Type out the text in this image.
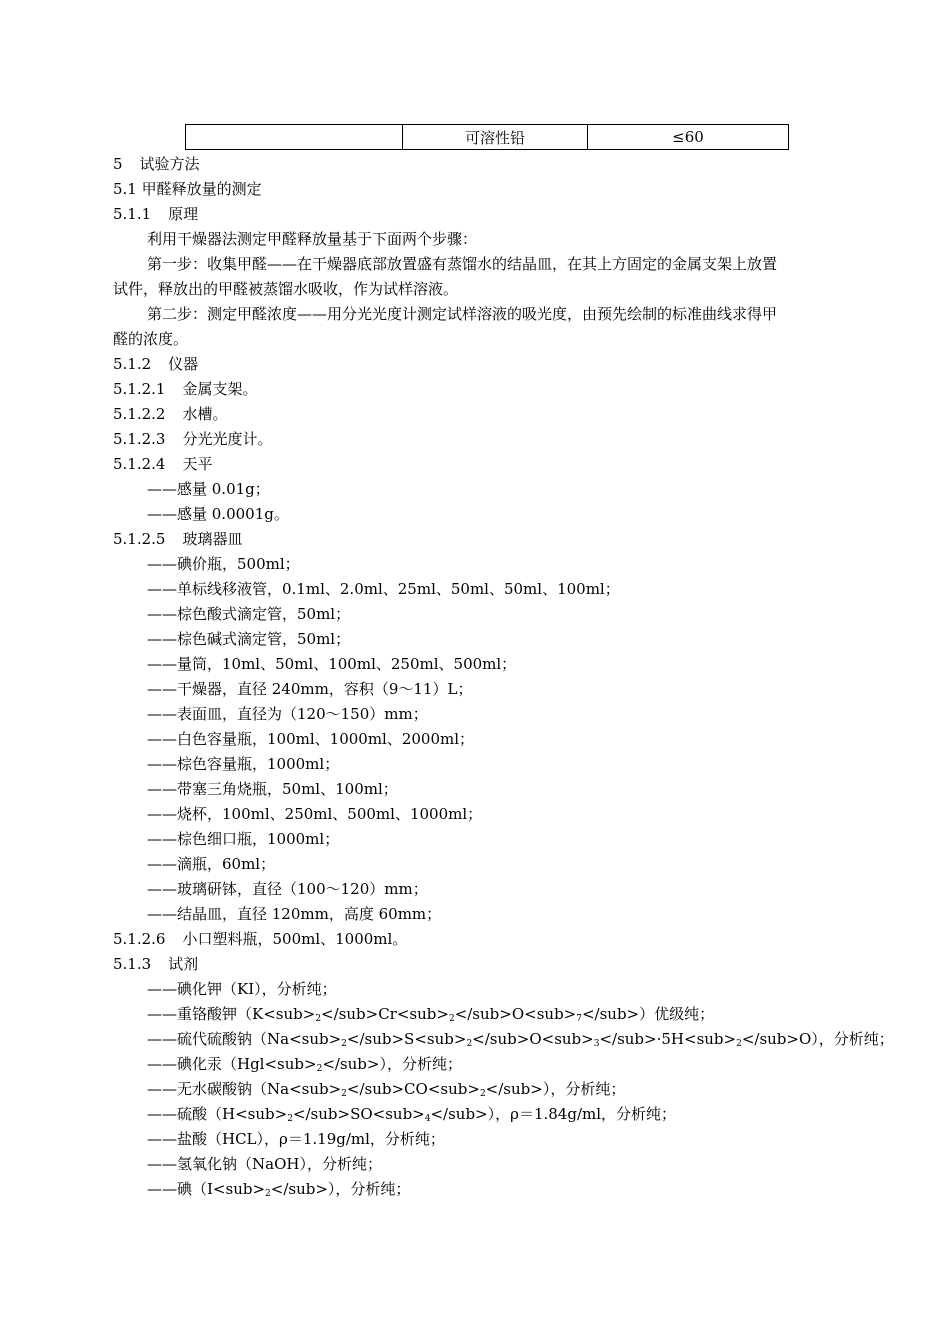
	可溶性铅	≤60
5 试验方法
5.1 甲醛释放量的测定
5.1.1 原理
利用干燥器法测定甲醛释放量基于下面两个步骤：
第一步：收集甲醛——在干燥器底部放置盛有蒸馏水的结晶皿，在其上方固定的金属支架上放置
试件，释放出的甲醛被蒸馏水吸收，作为试样溶液。
第二步：测定甲醛浓度——用分光光度计测定试样溶液的吸光度，由预先绘制的标准曲线求得甲
醛的浓度。
5.1.2 仪器
5.1.2.1 金属支架。
5.1.2.2 水槽。
5.1.2.3 分光光度计。
5.1.2.4 天平
——感量 0.01g；
——感量 0.0001g。
5.1.2.5 玻璃器皿
——碘价瓶，500ml；
——单标线移液管，0.1ml、2.0ml、25ml、50ml、50ml、100ml；
——棕色酸式滴定管，50ml；
——棕色碱式滴定管，50ml；
——量筒，10ml、50ml、100ml、250ml、500ml；
——干燥器，直径 240mm，容积（9～11）L；
——表面皿，直径为（120～150）mm；
——白色容量瓶，100ml、1000ml、2000ml；
——棕色容量瓶，1000ml；
——带塞三角烧瓶，50ml、100ml；
——烧杯，100ml、250ml、500ml、1000ml；
——棕色细口瓶，1000ml；
——滴瓶，60ml；
——玻璃研钵，直径（100～120）mm；
——结晶皿，直径 120mm，高度 60mm；
5.1.2.6 小口塑料瓶，500ml、1000ml。
5.1.3 试剂
——碘化钾（KI），分析纯；
——重铬酸钾$(K<sub>_2</sub>Cr<sub>_2</sub>O<sub>_7</sub>)$优级纯；
——硫代硫酸钠$(Na<sub>_2</sub>S<sub>_2</sub>O<sub>_3</sub>\cdot 5H<sub>_2</sub>O)$，分析纯；
——碘化汞$(Hgl<sub>_2</sub>)$，分析纯；
——无水碳酸钠$(Na<sub>_2</sub>CO<sub>_2</sub>)$，分析纯；
——硫酸$(H<sub>_2</sub>SO<sub>_4</sub>)$，ρ＝1.84g/ml，分析纯；
——盐酸（HCL），ρ＝1.19g/ml，分析纯；
——氢氧化钠（NaOH），分析纯；
——碘$(I<sub>_2</sub>)$，分析纯；
